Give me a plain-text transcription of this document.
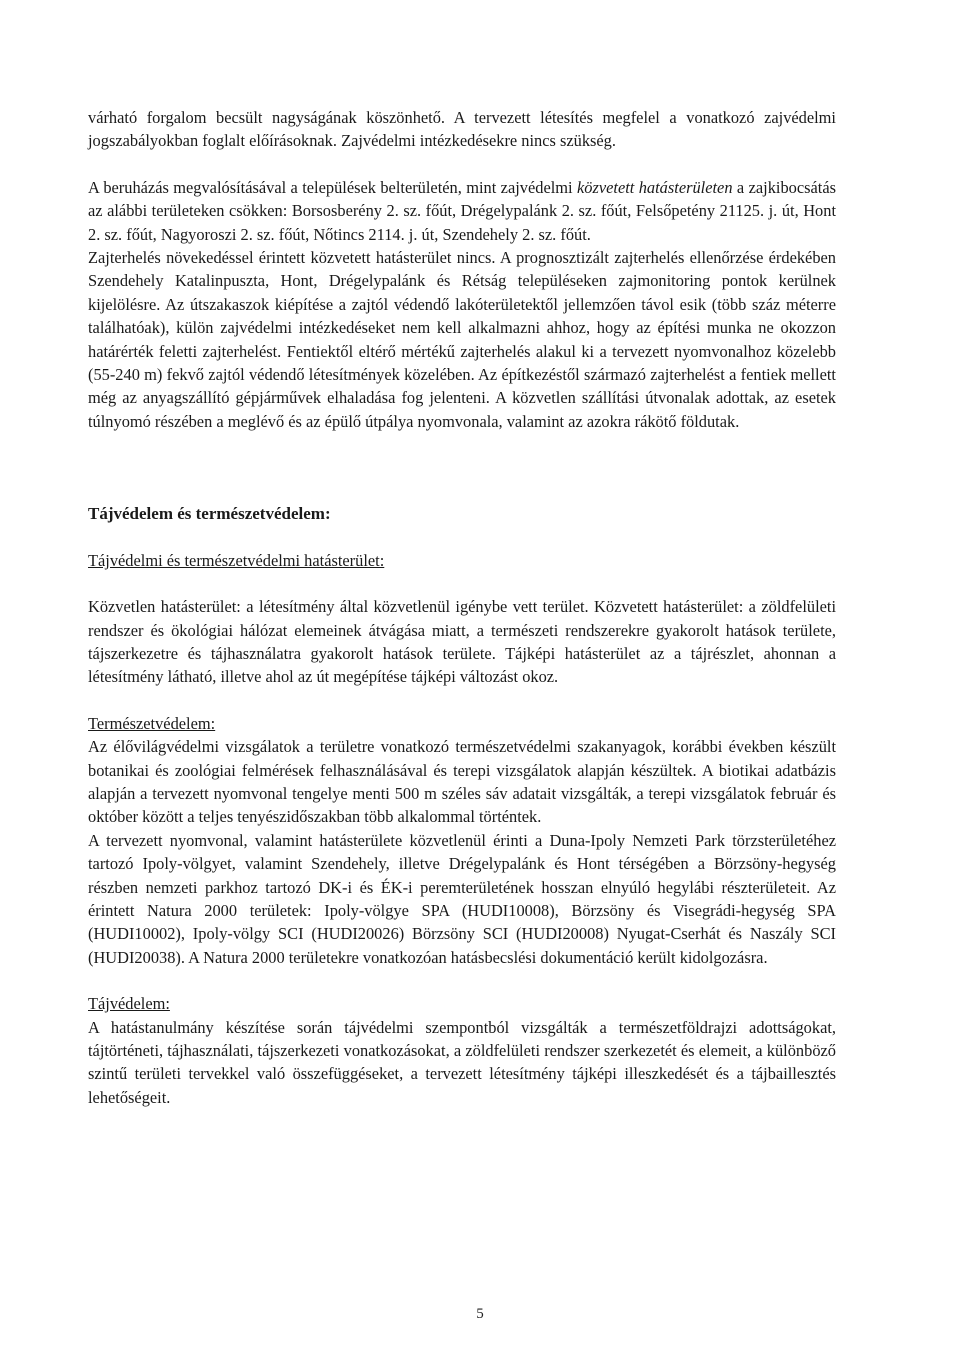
várható forgalom becsült nagyságának köszönhető. A tervezett létesítés megfelel a vonatkozó zajvédelmi jogszabályokban foglalt előírásoknak. Zajvédelmi intézkedésekre nincs szükség.

A beruházás megvalósításával a települések belterületén, mint zajvédelmi közvetett hatásterületen a zajkibocsátás az alábbi területeken csökken: Borsosberény 2. sz. főút, Drégelypalánk 2. sz. főút, Felsőpetény 21125. j. út, Hont 2. sz. főút, Nagyoroszi 2. sz. főút, Nőtincs 2114. j. út, Szendehely 2. sz. főút.

Zajterhelés növekedéssel érintett közvetett hatásterület nincs. A prognosztizált zajterhelés ellenőrzése érdekében Szendehely Katalinpuszta, Hont, Drégelypalánk és Rétság településeken zajmonitoring pontok kerülnek kijelölésre. Az útszakaszok kiépítése a zajtól védendő lakóterületektől jellemzően távol esik (több száz méterre találhatóak), külön zajvédelmi intézkedéseket nem kell alkalmazni ahhoz, hogy az építési munka ne okozzon határérték feletti zajterhelést. Fentiektől eltérő mértékű zajterhelés alakul ki a tervezett nyomvonalhoz közelebb (55-240 m) fekvő zajtól védendő létesítmények közelében. Az építkezéstől származó zajterhelést a fentiek mellett még az anyagszállító gépjárművek elhaladása fog jelenteni. A közvetlen szállítási útvonalak adottak, az esetek túlnyomó részében a meglévő és az épülő útpálya nyomvonala, valamint az azokra rákötő földutak.

Tájvédelem és természetvédelem:

Tájvédelmi és természetvédelmi hatásterület:

Közvetlen hatásterület: a létesítmény által közvetlenül igénybe vett terület. Közvetett hatásterület: a zöldfelületi rendszer és ökológiai hálózat elemeinek átvágása miatt, a természeti rendszerekre gyakorolt hatások területe, tájszerkezetre és tájhasználatra gyakorolt hatások területe. Tájképi hatásterület az a tájrészlet, ahonnan a létesítmény látható, illetve ahol az út megépítése tájképi változást okoz.

Természetvédelem:

Az élővilágvédelmi vizsgálatok a területre vonatkozó természetvédelmi szakanyagok, korábbi években készült botanikai és zoológiai felmérések felhasználásával és terepi vizsgálatok alapján készültek. A biotikai adatbázis alapján a tervezett nyomvonal tengelye menti 500 m széles sáv adatait vizsgálták, a terepi vizsgálatok február és október között a teljes tenyészidőszakban több alkalommal történtek.

A tervezett nyomvonal, valamint hatásterülete közvetlenül érinti a Duna-Ipoly Nemzeti Park törzsterületéhez tartozó Ipoly-völgyet, valamint Szendehely, illetve Drégelypalánk és Hont térségében a Börzsöny-hegység részben nemzeti parkhoz tartozó DK-i és ÉK-i peremterületének hosszan elnyúló hegylábi részterületeit. Az érintett Natura 2000 területek: Ipoly-völgye SPA (HUDI10008), Börzsöny és Visegrádi-hegység SPA (HUDI10002), Ipoly-völgy SCI (HUDI20026) Börzsöny SCI (HUDI20008) Nyugat-Cserhát és Naszály SCI (HUDI20038). A Natura 2000 területekre vonatkozóan hatásbecslési dokumentáció került kidolgozásra.

Tájvédelem:

A hatástanulmány készítése során tájvédelmi szempontból vizsgálták a természetföldrajzi adottságokat, tájtörténeti, tájhasználati, tájszerkezeti vonatkozásokat, a zöldfelületi rendszer szerkezetét és elemeit, a különböző szintű területi tervekkel való összefüggéseket, a tervezett létesítmény tájképi illeszkedését és a tájbaillesztés lehetőségeit.

5
